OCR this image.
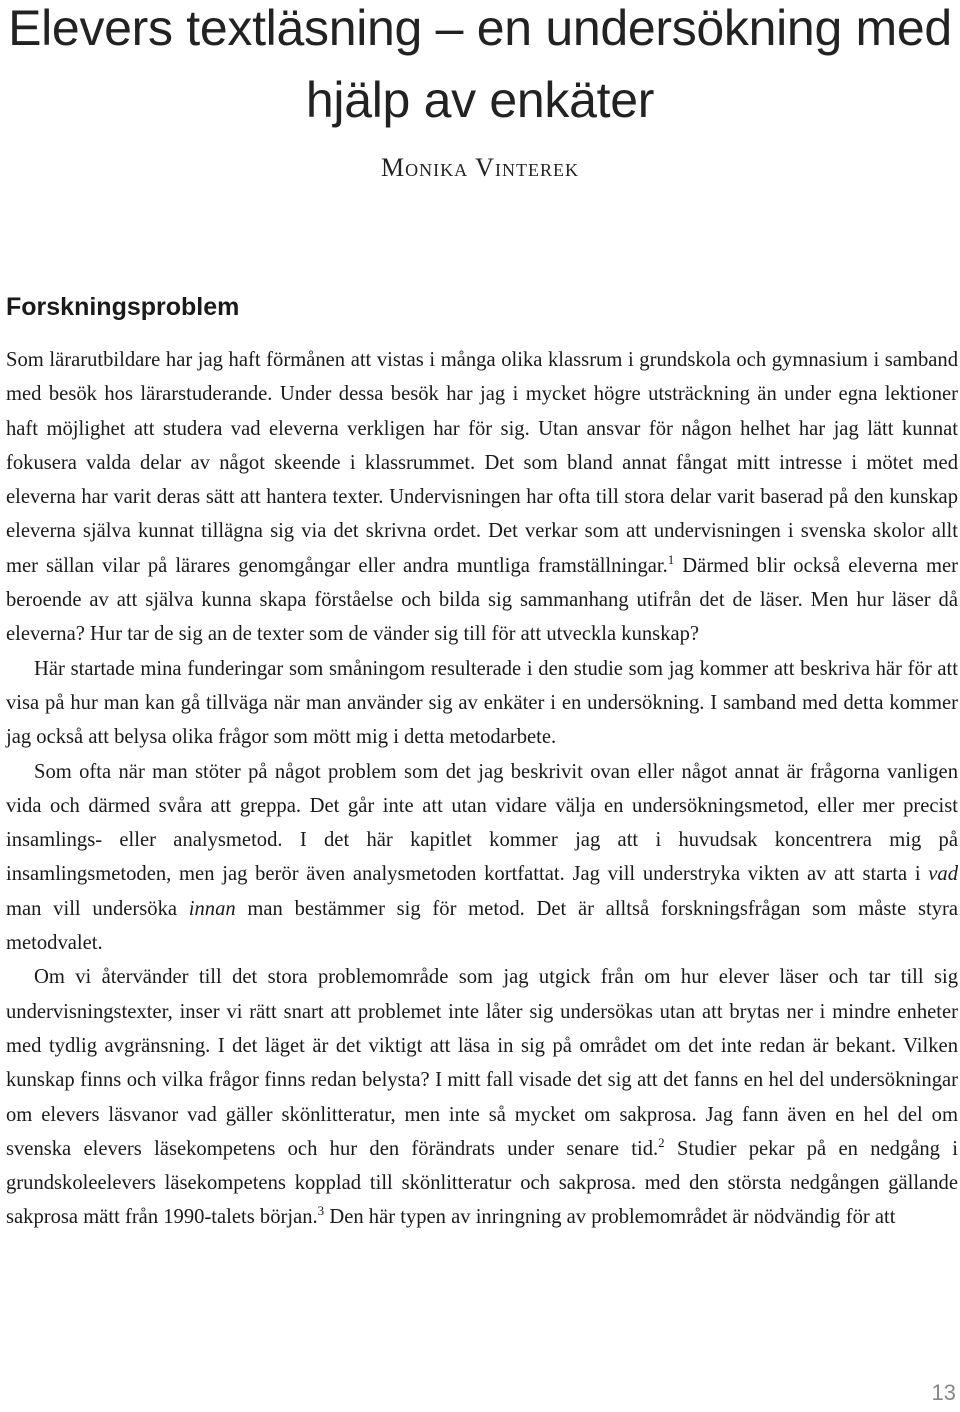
Elevers textläsning – en undersökning med hjälp av enkäter
Monika Vinterek
Forskningsproblem

Som lärarutbildare har jag haft förmånen att vistas i många olika klassrum i grundskola och gymnasium i samband med besök hos lärarstuderande. Under dessa besök har jag i mycket högre utsträckning än under egna lektioner haft möjlighet att studera vad eleverna verkligen har för sig. Utan ansvar för någon helhet har jag lätt kunnat fokusera valda delar av något skeende i klassrummet. Det som bland annat fångat mitt intresse i mötet med eleverna har varit deras sätt att hantera texter. Undervisningen har ofta till stora delar varit baserad på den kunskap eleverna själva kunnat tillägna sig via det skrivna ordet. Det verkar som att undervisningen i svenska skolor allt mer sällan vilar på lärares genomgångar eller andra muntliga framställningar.$^1$ Därmed blir också eleverna mer beroende av att själva kunna skapa förståelse och bilda sig sammanhang utifrån det de läser. Men hur läser då eleverna? Hur tar de sig an de texter som de vänder sig till för att utveckla kunskap?

Här startade mina funderingar som småningom resulterade i den studie som jag kommer att beskriva här för att visa på hur man kan gå tillväga när man använder sig av enkäter i en undersökning. I samband med detta kommer jag också att belysa olika frågor som mött mig i detta metodarbete.

Som ofta när man stöter på något problem som det jag beskrivit ovan eller något annat är frågorna vanligen vida och därmed svåra att greppa. Det går inte att utan vidare välja en undersökningsmetod, eller mer precist insamlings- eller analysmetod. I det här kapitlet kommer jag att i huvudsak koncentrera mig på insamlingsmetoden, men jag berör även analysmetoden kortfattat. Jag vill understryka vikten av att starta i vad man vill undersöka innan man bestämmer sig för metod. Det är alltså forskningsfrågan som måste styra metodvalet.

Om vi återvänder till det stora problemområde som jag utgick från om hur elever läser och tar till sig undervisningstexter, inser vi rätt snart att problemet inte låter sig undersökas utan att brytas ner i mindre enheter med tydlig avgränsning. I det läget är det viktigt att läsa in sig på området om det inte redan är bekant. Vilken kunskap finns och vilka frågor finns redan belysta? I mitt fall visade det sig att det fanns en hel del undersökningar om elevers läsvanor vad gäller skönlitteratur, men inte så mycket om sakprosa. Jag fann även en hel del om svenska elevers läsekompetens och hur den förändrats under senare tid.$^2$ Studier pekar på en nedgång i grundskoleelevers läsekompetens kopplad till skönlitteratur och sakprosa. med den största nedgången gällande sakprosa mätt från 1990-talets början.$^3$ Den här typen av inringning av problemområdet är nödvändig för att

13
